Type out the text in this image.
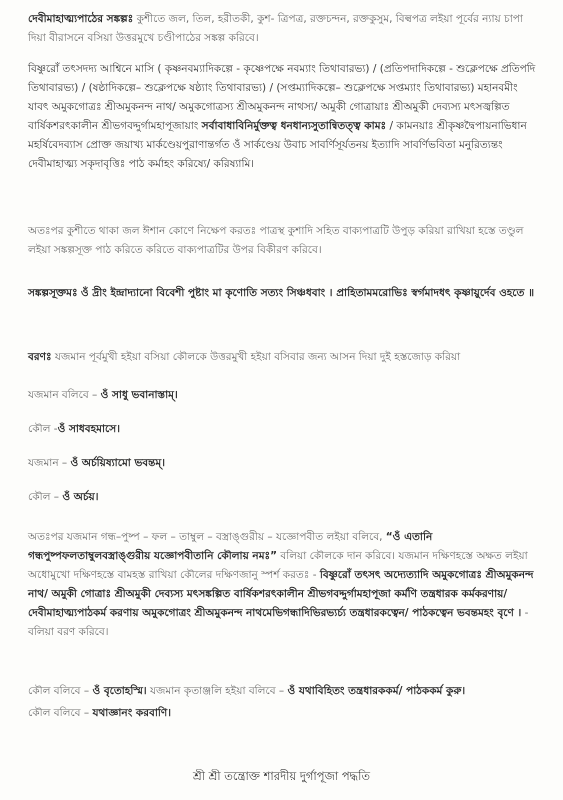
দেবীমাহাত্ম্যপাঠের সঙ্কল্পঃ কুশীতে জল, তিল, হরীতকী, কুশ- ত্রিপত্র, রক্তচন্দন, রক্তকুসুম, বিল্বপত্র লইয়া পূর্বের ন্যায় চাপা দিয়া বীরাসনে বসিয়া উত্তরমুখে চণ্ডীপাঠের সঙ্কল্প করিবে।
বিষ্ণুরোঁ তৎসদদ্য আশ্বিনে মাসি ( কৃষ্ণনবম্যাদিকল্পে - কৃষ্ণেপক্ষে নবম্যাং তিথাবারভ্য) / (প্রতিপদাদিকল্পে - শুক্লেপক্ষে প্রতিপদি তিথাবারভ্য) / (ষষ্ঠাদিকল্পে– শুক্লেপক্ষে ষষ্ঠ্যাং তিথাবারভ্য) / (সপ্তম্যাদিকল্পে– শুক্লেপক্ষে সপ্তম্যাং তিথাবারভ্য) মহানবমীং যাবৎ অমুকগোত্রঃ শ্রীঅমুকনন্দ নাথ/ অমুকগোত্রস্য শ্রীঅমুকনন্দ নাথস্য/ অমুকী গোত্রায়াঃ শ্রীঅমুকী দেব্যস্য মৎসজ্বল্পিত বার্ষিকশরৎকালীন শ্রীভগবদ্দুর্গামহাপূজায়াং সর্বাবাধাবিনির্মুক্তত্ব ধনধান্যসুতান্বিতত্ত্ব কামঃ / কামনয়াঃ শ্রীকৃষ্ণদ্বৈপায়নাভিধান মহর্ষিবেদব্যাস প্রোক্ত জয়াখ্য মার্কণ্ডেয়পুরাণান্তর্গত ওঁ সার্কণ্ডেয় উবাচ সাবর্ণিসূর্যতনয় ইত্যাদি সাবর্ণিভবিতা মনুরিত্যন্তং দেবীমাহাত্ম্য সকৃদাবৃত্তিঃ পাঠ কর্মাহং করিষ্যে/ করিষ্যামি।
অতঃপর কুশীতে থাকা জল ঈশান কোণে নিক্ষেপ করতঃ পাত্রস্থ কুশাদি সহিত বাক্যপাত্রটি উপুড় করিয়া রাখিয়া হস্তে তণ্ডুল লইয়া সঙ্কল্পসূক্ত পাঠ করিতে করিতে বাক্যপাত্রটির উপর বিকীরণ করিবে।
সঙ্কল্পসূক্তমঃ ওঁ দ্রীং ইন্দ্রাদ্যানো বিবেশী পুষ্টাং মা কৃণোতি সত্যং সিঞ্চধবাং । প্রাহিতামমরোভিঃ স্বর্গমাদধৎ কৃষ্ণায়ুর্দেব ওহতে ॥
বরণঃ যজমান পূর্বমুখী হইয়া বসিয়া কৌলকে উত্তরমুখী হইয়া বসিবার জন্য আসন দিয়া দুই হস্তজোড় করিয়া
যজমান বলিবে – ওঁ সাধু ভবানাস্তাম্।
কৌল -ওঁ সাধবহমাসে।
যজমান – ওঁ অর্চয়িষ্যামো ভবন্তম্।
কৌল – ওঁ অর্চয়।
অতঃপর যজমান গন্ধ–পুষ্প – ফল – তাম্বুল – বস্ত্রাঙ্গুরীয় – যজ্ঞোপবীত লইয়া বলিবে, “ওঁ এতানি গন্ধপুষ্পফলতাম্বুলবস্ত্রাঙ্গুরীয় যজ্ঞোপবীতানি কৌলায় নমঃ” বলিয়া কৌলকে দান করিবে। যজমান দক্ষিণহস্তে অক্ষত লইয়া অধোমুখো দক্ষিণহস্তে বামহস্ত রাখিয়া কৌলের দক্ষিণজানু স্পর্শ করতঃ - বিষ্ণুরোঁ তৎসৎ অদ্যেত্যাদি অমুকগোত্রঃ শ্রীঅমুকনন্দ নাথ/ অমুকী গোত্রাঃ শ্রীঅমুকী দেব্যস্য মৎসঙ্কল্পিত বার্ষিকশরৎকালীন শ্রীভগবদ্দুর্গামহাপূজা কর্মণি তন্ত্রধারক কর্মকরণায়/ দেবীমাহাত্ম্যপাঠকর্ম করণায় অমুকগোত্রং শ্রীঅমুকনন্দ নাথমেভিগন্ধাদিভিরভ্যর্চ্য তন্ত্রধারকত্বেন/ পাঠকত্বেন ভবন্তমহং বৃণে । - বলিয়া বরণ করিবে।
কৌল বলিবে – ওঁ বৃতোহস্মি। যজমান কৃতাঞ্জলি হইয়া বলিবে – ওঁ যথাবিহিতং তন্ত্রধারককর্ম/ পাঠককর্ম কুরু।
কৌল বলিবে – যথাজ্ঞানং করবাণি।
শ্রী শ্রী তন্ত্রোক্ত শারদীয় দুর্গাপূজা পদ্ধতি
